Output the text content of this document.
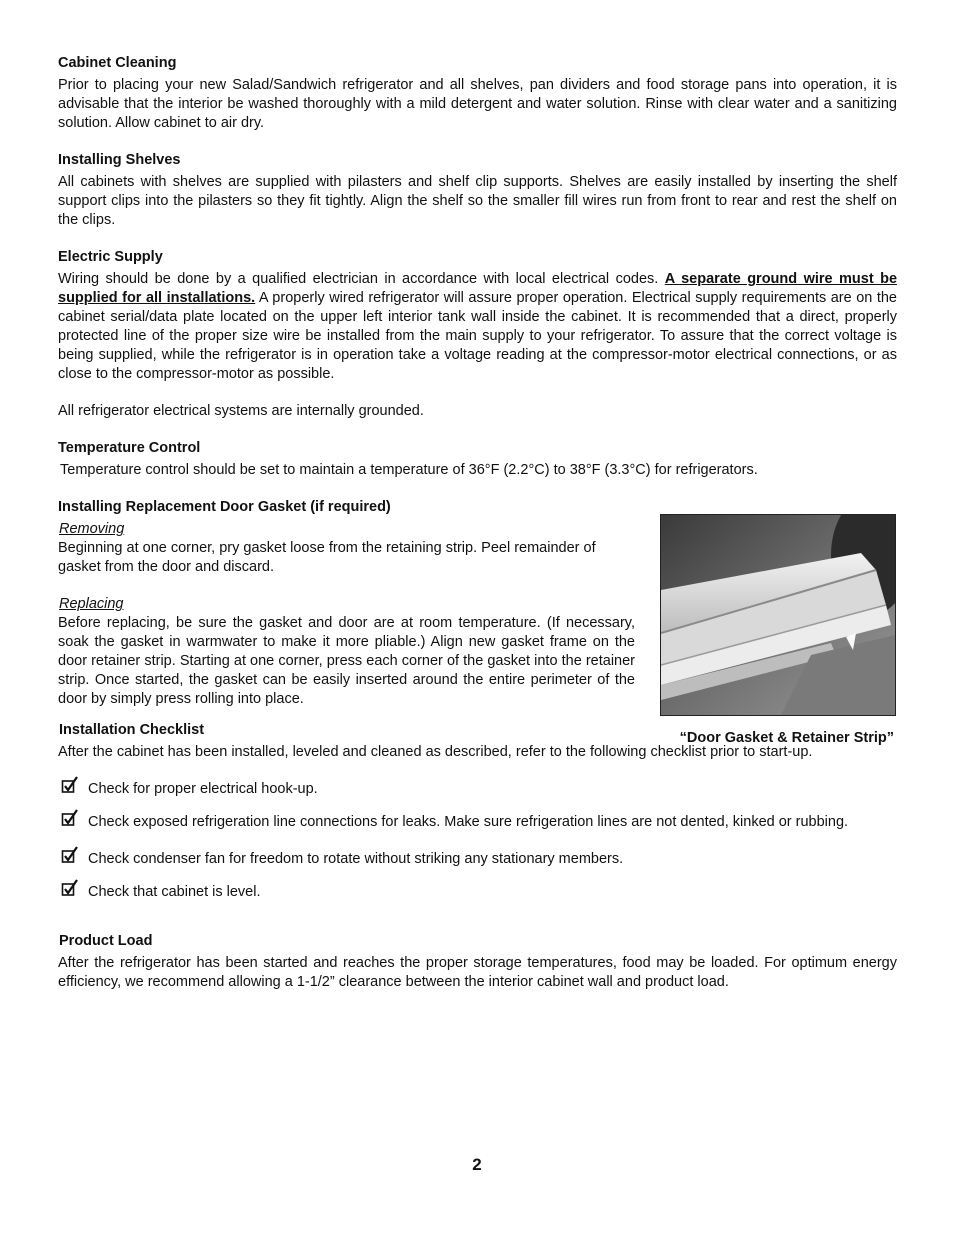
Cabinet Cleaning

Prior to placing your new Salad/Sandwich refrigerator and all shelves, pan dividers and food storage pans into operation, it is advisable that the interior be washed thoroughly with a mild detergent and water solution. Rinse with clear water and a sanitizing solution. Allow cabinet to air dry.

Installing Shelves

All cabinets with shelves are supplied with pilasters and shelf clip supports. Shelves are easily installed by inserting the shelf support clips into the pilasters so they fit tightly. Align the shelf so the smaller fill wires run from front to rear and rest the shelf on the clips.

Electric Supply

Wiring should be done by a qualified electrician in accordance with local electrical codes. A separate ground wire must be supplied for all installations. A properly wired refrigerator will assure proper operation. Electrical supply requirements are on the cabinet serial/data plate located on the upper left interior tank wall inside the cabinet. It is recommended that a direct, properly protected line of the proper size wire be installed from the main supply to your refrigerator. To assure that the correct voltage is being supplied, while the refrigerator is in operation take a voltage reading at the compressor-motor electrical connections, or as close to the compressor-motor as possible.

All refrigerator electrical systems are internally grounded.

Temperature Control

Temperature control should be set to maintain a temperature of 36°F (2.2°C) to 38°F (3.3°C) for refrigerators.

Installing Replacement Door Gasket (if required)
Removing

Beginning at one corner, pry gasket loose from the retaining strip. Peel remainder of gasket from the door and discard.

Replacing

Before replacing, be sure the gasket and door are at room temperature. (If necessary, soak the gasket in warmwater to make it more pliable.) Align new gasket frame on the door retainer strip. Starting at one corner, press each corner of the gasket into the retainer strip. Once started, the gasket can be easily inserted around the entire perimeter of the door by simply press rolling into place.

“Door Gasket & Retainer Strip”
Installation Checklist

After the cabinet has been installed, leveled and cleaned as described, refer to the following checklist prior to start-up.

Check for proper electrical hook-up.
Check exposed refrigeration line connections for leaks. Make sure refrigeration lines are not dented, kinked or rubbing.
Check condenser fan for freedom to rotate without striking any stationary members.
Check that cabinet is level.
Product Load

After the refrigerator has been started and reaches the proper storage temperatures, food may be loaded. For optimum energy efficiency, we recommend allowing a 1-1/2” clearance between the interior cabinet wall and product load.

2
